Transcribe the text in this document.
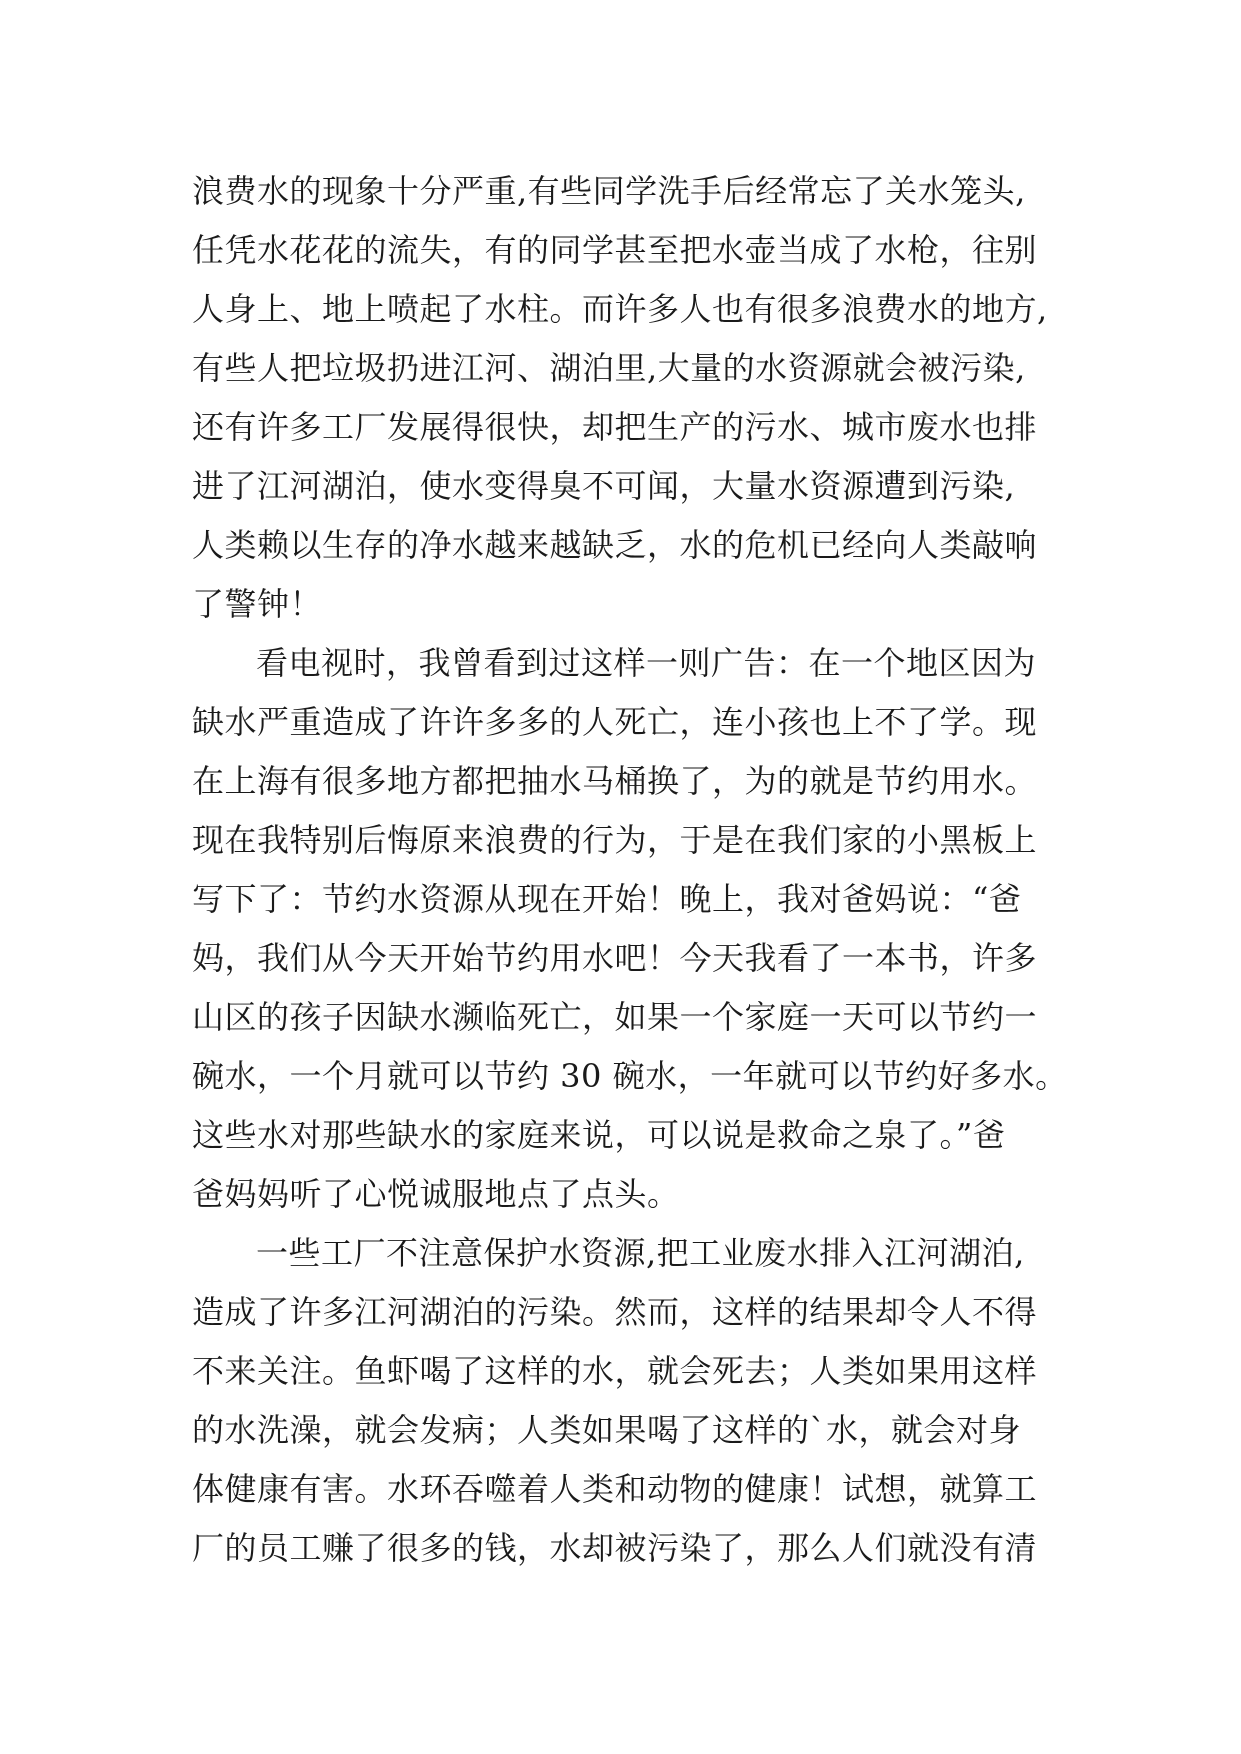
浪费水的现象十分严重,有些同学洗手后经常忘了关水笼头,
任凭水花花的流失，有的同学甚至把水壶当成了水枪，往别
人身上、地上喷起了水柱。而许多人也有很多浪费水的地方,
有些人把垃圾扔进江河、湖泊里,大量的水资源就会被污染,
还有许多工厂发展得很快，却把生产的污水、城市废水也排
进了江河湖泊，使水变得臭不可闻，大量水资源遭到污染,
人类赖以生存的净水越来越缺乏，水的危机已经向人类敲响
了警钟！
看电视时，我曾看到过这样一则广告：在一个地区因为
缺水严重造成了许许多多的人死亡，连小孩也上不了学。现
在上海有很多地方都把抽水马桶换了，为的就是节约用水。
现在我特别后悔原来浪费的行为，于是在我们家的小黑板上
写下了：节约水资源从现在开始！晚上，我对爸妈说：“爸
妈，我们从今天开始节约用水吧！今天我看了一本书，许多
山区的孩子因缺水濒临死亡，如果一个家庭一天可以节约一
碗水，一个月就可以节约 30 碗水，一年就可以节约好多水。
这些水对那些缺水的家庭来说，可以说是救命之泉了。”爸
爸妈妈听了心悦诚服地点了点头。
一些工厂不注意保护水资源,把工业废水排入江河湖泊,
造成了许多江河湖泊的污染。然而，这样的结果却令人不得
不来关注。鱼虾喝了这样的水，就会死去；人类如果用这样
的水洗澡，就会发病；人类如果喝了这样的`水，就会对身
体健康有害。水环吞噬着人类和动物的健康！试想，就算工
厂的员工赚了很多的钱，水却被污染了，那么人们就没有清
